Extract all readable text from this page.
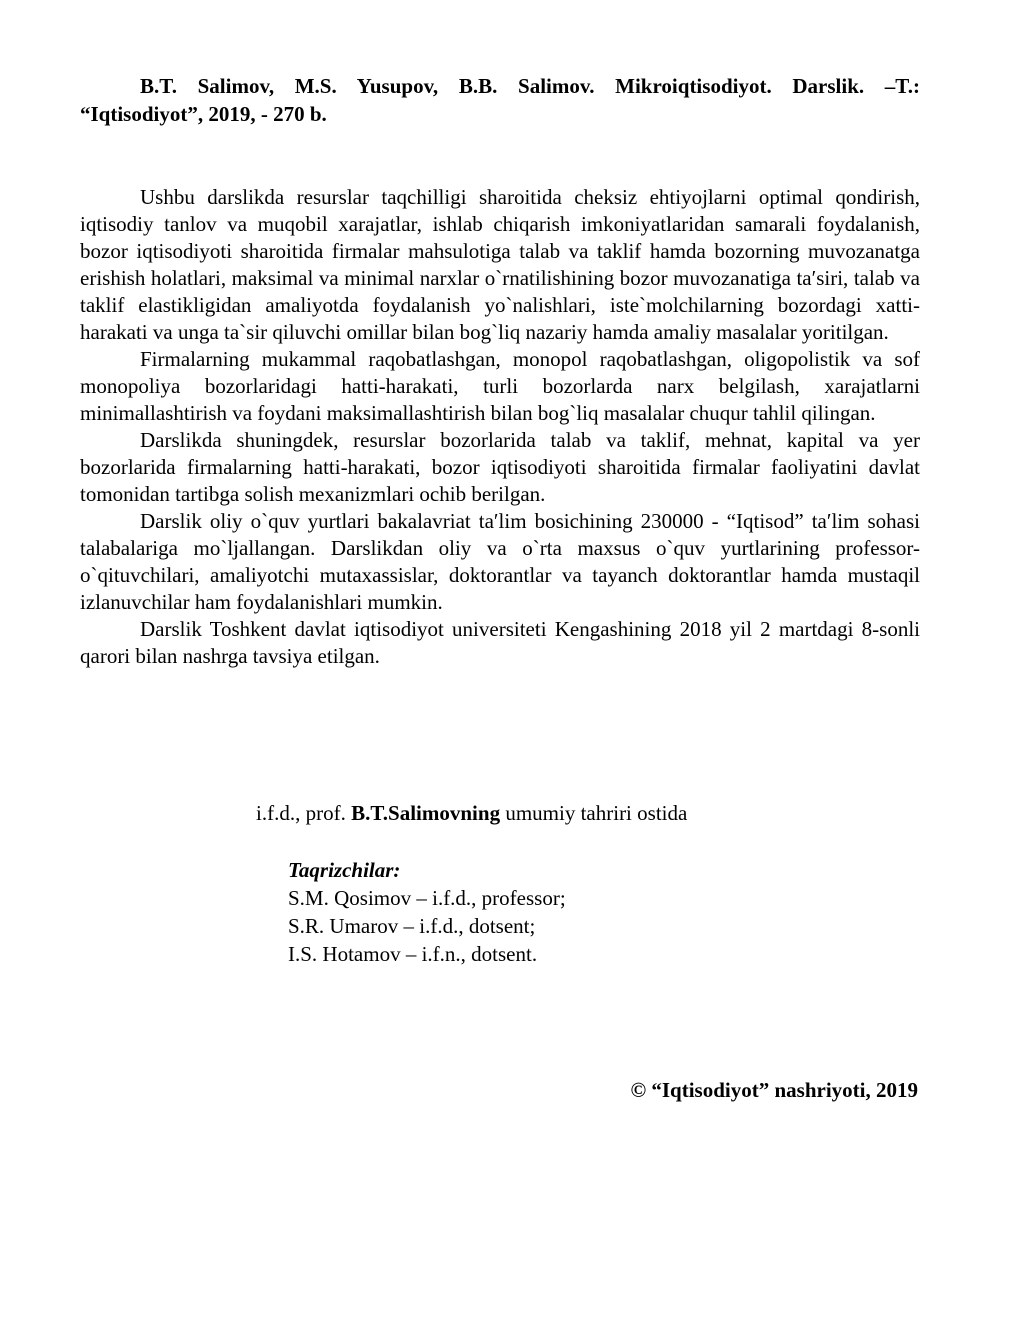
B.T. Salimov, M.S. Yusupov, B.B. Salimov. Mikroiqtisodiyot. Darslik. –T.: “Iqtisodiyot”, 2019, - 270 b.

Ushbu darslikda resurslar taqchilligi sharoitida cheksiz ehtiyojlarni optimal qondirish, iqtisodiy tanlov va muqobil xarajatlar, ishlab chiqarish imkoniyatlaridan samarali foydalanish, bozor iqtisodiyoti sharoitida firmalar mahsulotiga talab va taklif hamda bozorning muvozanatga erishish holatlari, maksimal va minimal narxlar o`rnatilishining bozor muvozanatiga ta′siri, talab va taklif elastikligidan amaliyotda foydalanish yo`nalishlari, iste`molchilarning bozordagi xatti-harakati va unga ta`sir qiluvchi omillar bilan bog`liq nazariy hamda amaliy masalalar yoritilgan.

Firmalarning mukammal raqobatlashgan, monopol raqobatlashgan, oligopolistik va sof monopoliya bozorlaridagi hatti-harakati, turli bozorlarda narx belgilash, xarajatlarni minimallashtirish va foydani maksimallashtirish bilan bog`liq masalalar chuqur tahlil qilingan.

Darslikda shuningdek, resurslar bozorlarida talab va taklif, mehnat, kapital va yer bozorlarida firmalarning hatti-harakati, bozor iqtisodiyoti sharoitida firmalar faoliyatini davlat tomonidan tartibga solish mexanizmlari ochib berilgan.

Darslik oliy o`quv yurtlari bakalavriat ta′lim bosichining 230000 - “Iqtisod” ta′lim sohasi talabalariga mo`ljallangan. Darslikdan oliy va o`rta maxsus o`quv yurtlarining professor-o`qituvchilari, amaliyotchi mutaxassislar, doktorantlar va tayanch doktorantlar hamda mustaqil izlanuvchilar ham foydalanishlari mumkin.

Darslik Toshkent davlat iqtisodiyot universiteti Kengashining 2018 yil 2 martdagi 8-sonli qarori bilan nashrga tavsiya etilgan.

i.f.d., prof. B.T.Salimovning umumiy tahriri ostida
Taqrizchilar:
S.M. Qosimov – i.f.d., professor;
S.R. Umarov – i.f.d., dotsent;
I.S. Hotamov – i.f.n., dotsent.
© “Iqtisodiyot” nashriyoti, 2019
